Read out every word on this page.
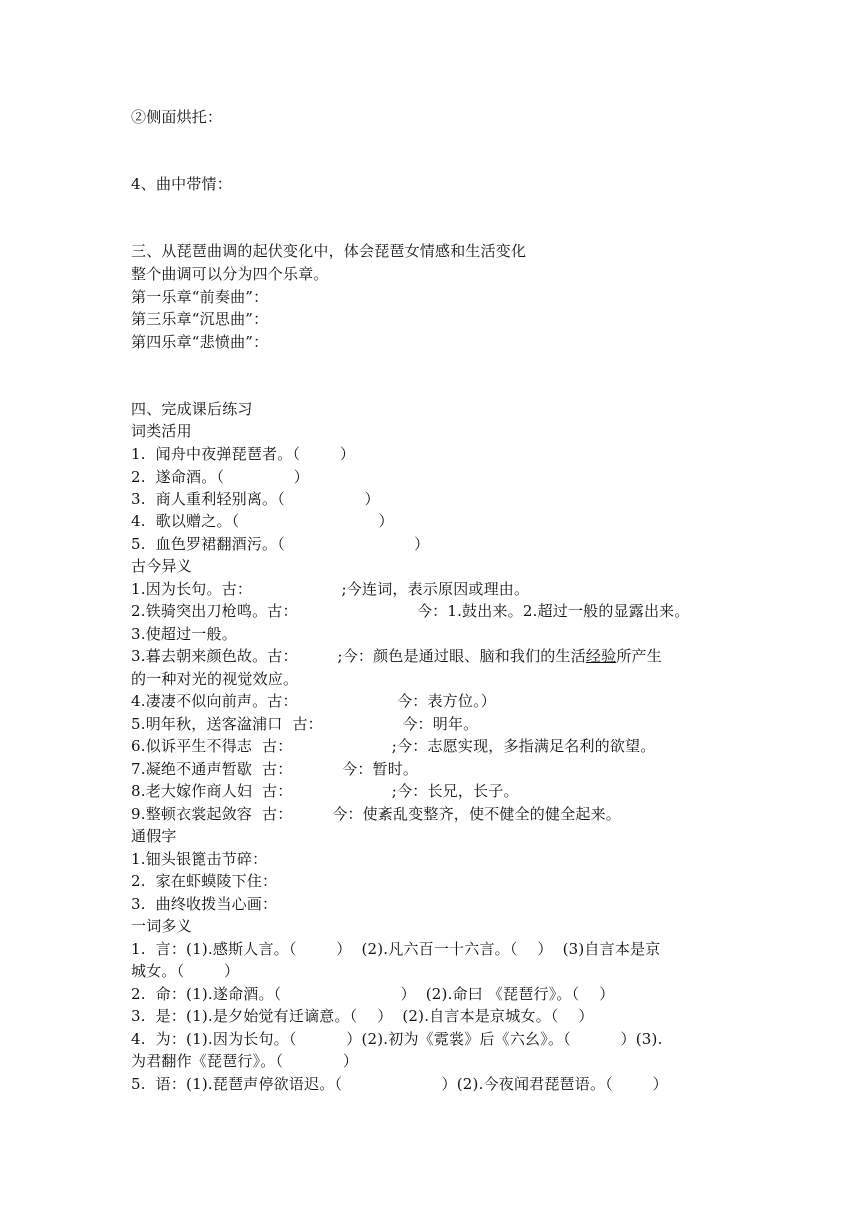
②侧面烘托：
4、曲中带情：
三、从琵琶曲调的起伏变化中，体会琵琶女情感和生活变化
整个曲调可以分为四个乐章。
第一乐章“前奏曲”：
第三乐章“沉思曲”：
第四乐章“悲愤曲”：
四、完成课后练习
词类活用
1.  闻舟中夜弹琵琶者。（        ）
2.  遂命酒。（              ）
3.  商人重利轻别离。（                ）
4.  歌以赠之。（                            ）
5.  血色罗裙翻酒污。（                          ）
古今异义
1.因为长句。古：                  ;今连词，表示原因或理由。
2.铁骑突出刀枪鸣。古：                        今：1.鼓出来。2.超过一般的显露出来。
3.使超过一般。
3.暮去朝来颜色故。古：        ;今：颜色是通过眼、脑和我们的生活经验所产生
的一种对光的视觉效应。
4.凄凄不似向前声。古：                    今：表方位。）
5.明年秋，送客湓浦口  古：                今：明年。
6.似诉平生不得志  古：                    ;今：志愿实现，多指满足名利的欲望。
7.凝绝不通声暂歇  古：          今：暂时。
8.老大嫁作商人妇  古：                    ;今：长兄，长子。
9.整顿衣裳起敛容  古：        今：使紊乱变整齐，使不健全的健全起来。
通假字
1.钿头银篦击节碎：
2.  家在虾蟆陵下住：
3.  曲终收拨当心画：
一词多义
1.  言：(1).感斯人言。（        ）  (2).凡六百一十六言。（    ）  (3)自言本是京
城女。（        ）
2.  命：(1).遂命酒。（                        ）  (2).命曰 《琵琶行》。（    ）
3.  是：(1).是夕始觉有迁谪意。（    ）  (2).自言本是京城女。（    ）
4.  为：(1).因为长句。（          ）(2).初为《霓裳》后《六幺》。（          ）(3).
为君翻作《琵琶行》。（            ）
5.  语：(1).琵琶声停欲语迟。（                    ）(2).今夜闻君琵琶语。（        ）
